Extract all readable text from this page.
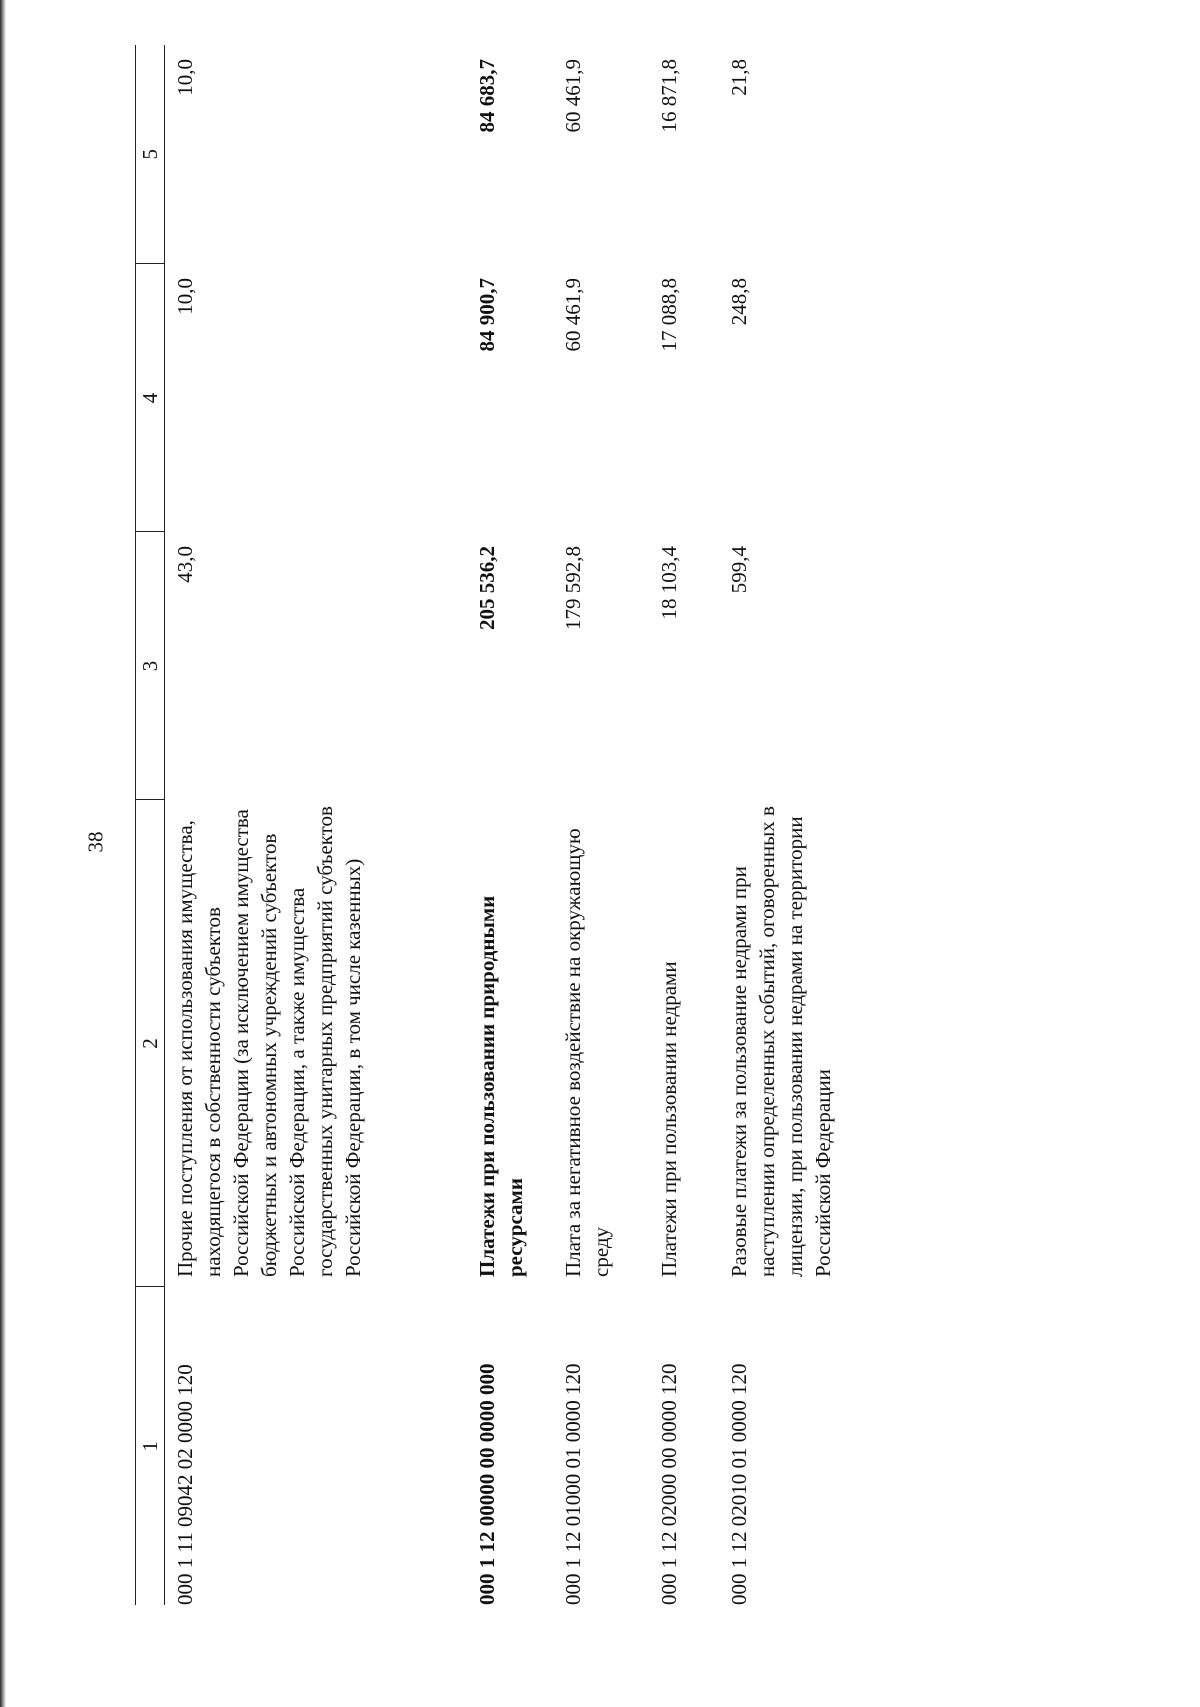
38
1	2	3	4	5
000 1 11 09042 02 0000 120	Прочие поступления от использования имущества, находящегося в собственности субъектов Российской Федерации (за исключением имущества бюджетных и автономных учреждений субъектов Российской Федерации, а также имущества государственных унитарных предприятий субъектов Российской Федерации, в том числе казенных)	43,0	10,0	10,0
000 1 12 00000 00 0000 000	Платежи при пользовании природными ресурсами	205 536,2	84 900,7	84 683,7
000 1 12 01000 01 0000 120	Плата за негативное воздействие на окружающую среду	179 592,8	60 461,9	60 461,9
000 1 12 02000 00 0000 120	Платежи при пользовании недрами	18 103,4	17 088,8	16 871,8
000 1 12 02010 01 0000 120	Разовые платежи за пользование недрами при наступлении определенных событий, оговоренных в лицензии, при пользовании недрами на территории Российской Федерации	599,4	248,8	21,8
